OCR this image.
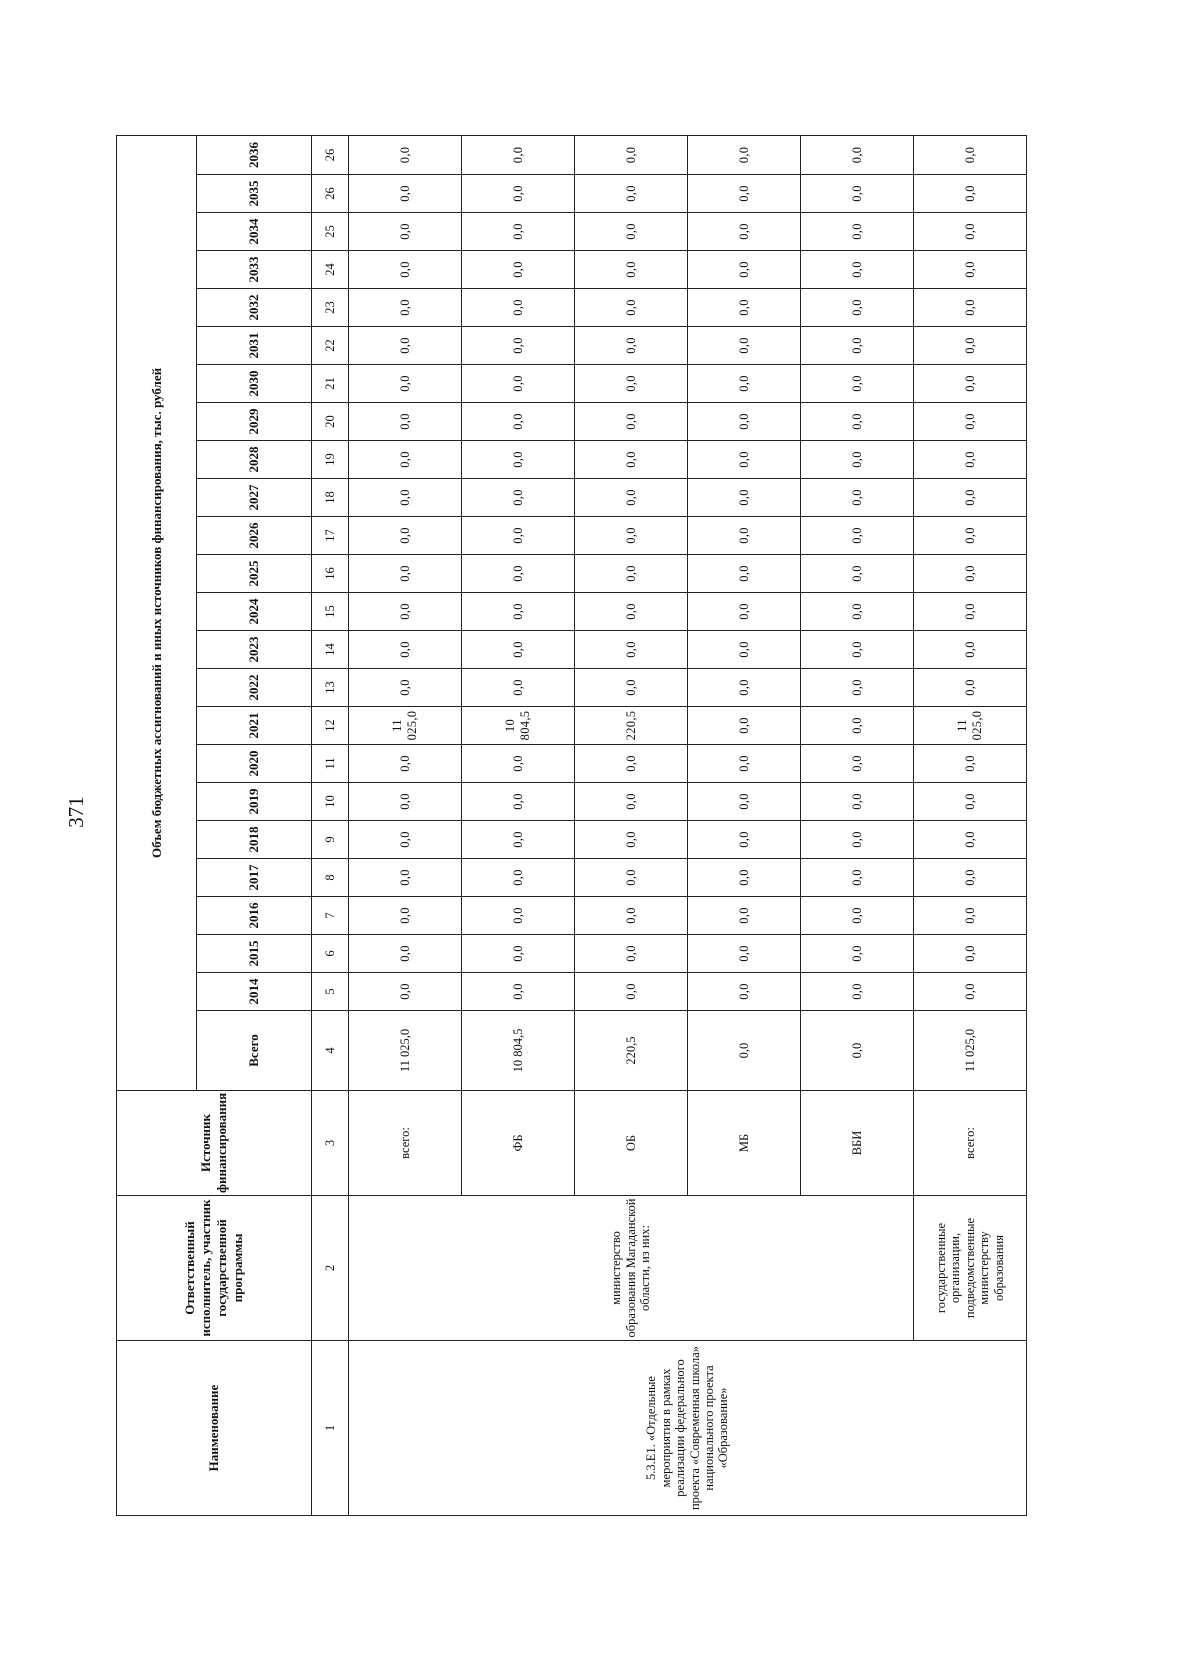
371
Наименование	Ответственный исполнитель, участник государственной программы	Источник финансирования	Объем бюджетных ассигнований и иных источников финансирования, тыс. рублей																							
			Всего	2014	2015	2016	2017	2018	2019	2020	2021	2022	2023	2024	2025	2026	2027	2028	2029	2030	2031	2032	2033	2034	2035	2036

1	2	3	4	5	6	7	8	9	10	11	12	13	14	15	16	17	18	19	20	21	22	23	24	25	26	26
5.3.Е1. «Отдельные мероприятия в рамках реализации федерального проекта «Современная школа» национального проекта «Образование»	министерство образования Магаданской области, из них:	всего:	11 025,0	0,0	0,0	0,0	0,0	0,0	0,0	0,0	11 025,0	0,0	0,0	0,0	0,0	0,0	0,0	0,0	0,0	0,0	0,0	0,0	0,0	0,0	0,0	0,0
		ФБ	10 804,5	0,0	0,0	0,0	0,0	0,0	0,0	0,0	10 804,5	0,0	0,0	0,0	0,0	0,0	0,0	0,0	0,0	0,0	0,0	0,0	0,0	0,0	0,0	0,0
		ОБ	220,5	0,0	0,0	0,0	0,0	0,0	0,0	0,0	220,5	0,0	0,0	0,0	0,0	0,0	0,0	0,0	0,0	0,0	0,0	0,0	0,0	0,0	0,0	0,0
		МБ	0,0	0,0	0,0	0,0	0,0	0,0	0,0	0,0	0,0	0,0	0,0	0,0	0,0	0,0	0,0	0,0	0,0	0,0	0,0	0,0	0,0	0,0	0,0	0,0
		ВБИ	0,0	0,0	0,0	0,0	0,0	0,0	0,0	0,0	0,0	0,0	0,0	0,0	0,0	0,0	0,0	0,0	0,0	0,0	0,0	0,0	0,0	0,0	0,0	0,0
	государственные организации, подведомственные министерству образования	всего:	11 025,0	0,0	0,0	0,0	0,0	0,0	0,0	0,0	11 025,0	0,0	0,0	0,0	0,0	0,0	0,0	0,0	0,0	0,0	0,0	0,0	0,0	0,0	0,0	0,0
